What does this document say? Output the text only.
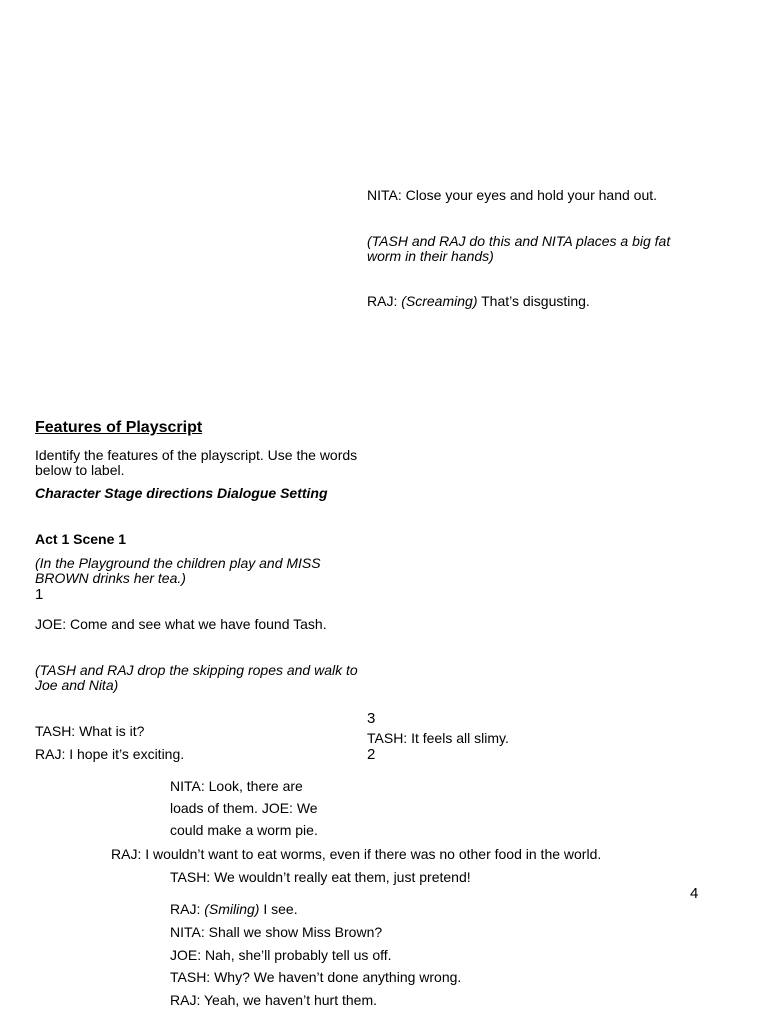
NITA: Close your eyes and hold your hand out.
(TASH and RAJ do this and NITA places a big fat worm in their hands)
RAJ: (Screaming) That’s disgusting.
Features of Playscript
Identify the features of the playscript. Use the words below to label.
Character Stage directions Dialogue Setting
Act 1 Scene 1
(In the Playground the children play and MISS BROWN drinks her tea.)
1
JOE: Come and see what we have found Tash.
(TASH and RAJ drop the skipping ropes and walk to Joe and Nita)
3
TASH: What is it?	TASH: It feels all slimy.
RAJ: I hope it’s exciting.	2
NITA: Look, there are
loads of them. JOE: We
could make a worm pie.
RAJ: I wouldn’t want to eat worms, even if there was no other food in the world.
TASH: We wouldn’t really eat them, just pretend!
4
RAJ: (Smiling) I see.
NITA: Shall we show Miss Brown?
JOE: Nah, she’ll probably tell us off.
TASH: Why? We haven’t done anything wrong.
RAJ: Yeah, we haven’t hurt them.
